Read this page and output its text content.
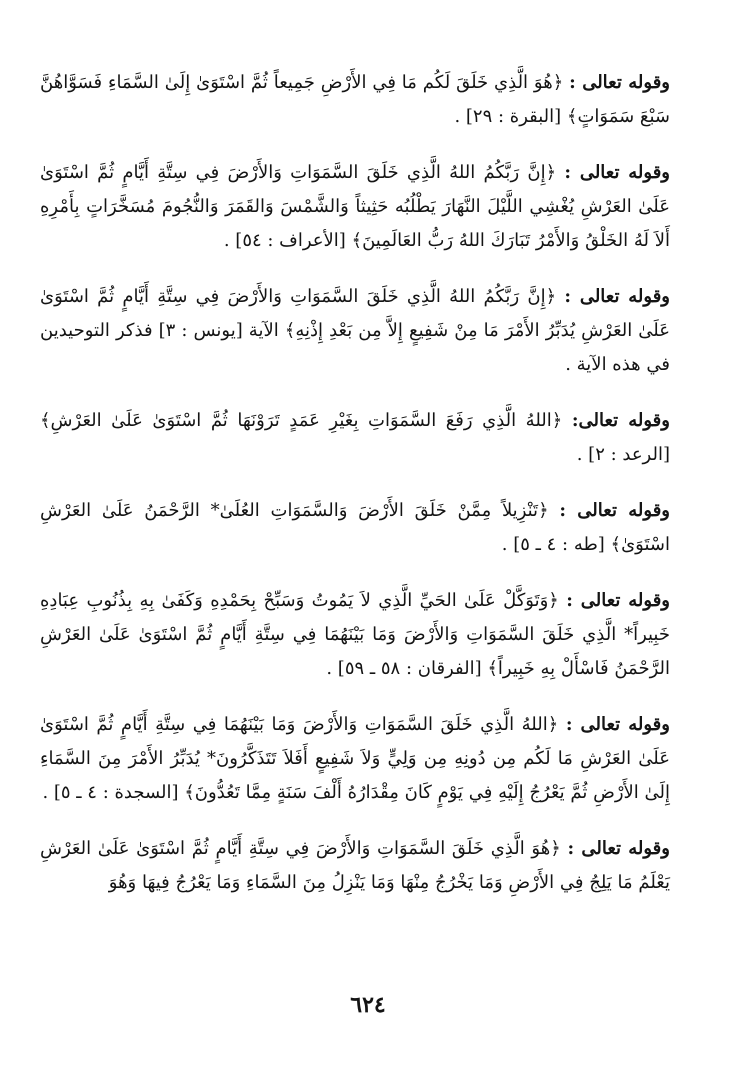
وقوله تعالى : ﴿هُوَ الَّذِي خَلَقَ لَكُم مَا فِي الأَرْضِ جَمِيعاً ثُمَّ اسْتَوَىٰ إِلَىٰ السَّمَاءِ فَسَوَّاهُنَّ سَبْعَ سَمَوَاتٍ﴾ [البقرة : ٢٩] .

وقوله تعالى : ﴿إِنَّ رَبَّكُمُ اللهُ الَّذِي خَلَقَ السَّمَوَاتِ وَالأَرْضَ فِي سِتَّةِ أَيَّامٍ ثُمَّ اسْتَوَىٰ عَلَىٰ العَرْشِ يُغْشِي اللَّيْلَ النَّهَارَ يَطْلُبُه حَثِيثاً وَالشَّمْسَ وَالقَمَرَ وَالنُّجُومَ مُسَخَّرَاتٍ بِأَمْرِهِ أَلاَ لَهُ الخَلْقُ وَالأَمْرُ تَبَارَكَ اللهُ رَبُّ العَالَمِينَ﴾ [الأعراف : ٥٤] .

وقوله تعالى : ﴿إِنَّ رَبَّكُمُ اللهُ الَّذِي خَلَقَ السَّمَوَاتِ وَالأَرْضَ فِي سِتَّةِ أَيَّامٍ ثُمَّ اسْتَوَىٰ عَلَىٰ العَرْشِ يُدَبِّرُ الأَمْرَ مَا مِنْ شَفِيعٍ إِلاَّ مِن بَعْدِ إِذْنِهِ﴾ الآية [يونس : ٣] فذكر التوحيدين في هذه الآية .

وقوله تعالى: ﴿اللهُ الَّذِي رَفَعَ السَّمَوَاتِ بِغَيْرِ عَمَدٍ تَرَوْنَهَا ثُمَّ اسْتَوَىٰ عَلَىٰ العَرْشِ﴾ [الرعد : ٢] .

وقوله تعالى : ﴿تَنْزِيلاً مِمَّنْ خَلَقَ الأَرْضَ وَالسَّمَوَاتِ العُلَىٰ* الرَّحْمَنُ عَلَىٰ العَرْشِ اسْتَوَىٰ﴾ [طه : ٤ ـ ٥] .

وقوله تعالى : ﴿وَتَوَكَّلْ عَلَىٰ الحَيِّ الَّذِي لاَ يَمُوتُ وَسَبِّحْ بِحَمْدِهِ وَكَفَىٰ بِهِ بِذُنُوبِ عِبَادِهِ خَبِيراً* الَّذِي خَلَقَ السَّمَوَاتِ وَالأَرْضَ وَمَا بَيْنَهُمَا فِي سِتَّةِ أَيَّامٍ ثُمَّ اسْتَوَىٰ عَلَىٰ العَرْشِ الرَّحْمَنُ فَاسْأَلْ بِهِ خَبِيراً﴾ [الفرقان : ٥٨ ـ ٥٩] .

وقوله تعالى : ﴿اللهُ الَّذِي خَلَقَ السَّمَوَاتِ وَالأَرْضَ وَمَا بَيْنَهُمَا فِي سِتَّةِ أَيَّامٍ ثُمَّ اسْتَوَىٰ عَلَىٰ العَرْشِ مَا لَكُم مِن دُونِهِ مِن وَلِيٍّ وَلاَ شَفِيعٍ أَفَلاَ تَتَذَكَّرُونَ* يُدَبِّرُ الأَمْرَ مِنَ السَّمَاءِ إِلَىٰ الأَرْضِ ثُمَّ يَعْرُجُ إِلَيْهِ فِي يَوْمٍ كَانَ مِقْدَارُهُ أَلْفَ سَنَةٍ مِمَّا تَعُدُّونَ﴾ [السجدة : ٤ ـ ٥] .

وقوله تعالى : ﴿هُوَ الَّذِي خَلَقَ السَّمَوَاتِ وَالأَرْضَ فِي سِتَّةِ أَيَّامٍ ثُمَّ اسْتَوَىٰ عَلَىٰ العَرْشِ يَعْلَمُ مَا يَلِجُ فِي الأَرْضِ وَمَا يَخْرُجُ مِنْهَا وَمَا يَنْزِلُ مِنَ السَّمَاءِ وَمَا يَعْرُجُ فِيهَا وَهُوَ

٦٢٤
